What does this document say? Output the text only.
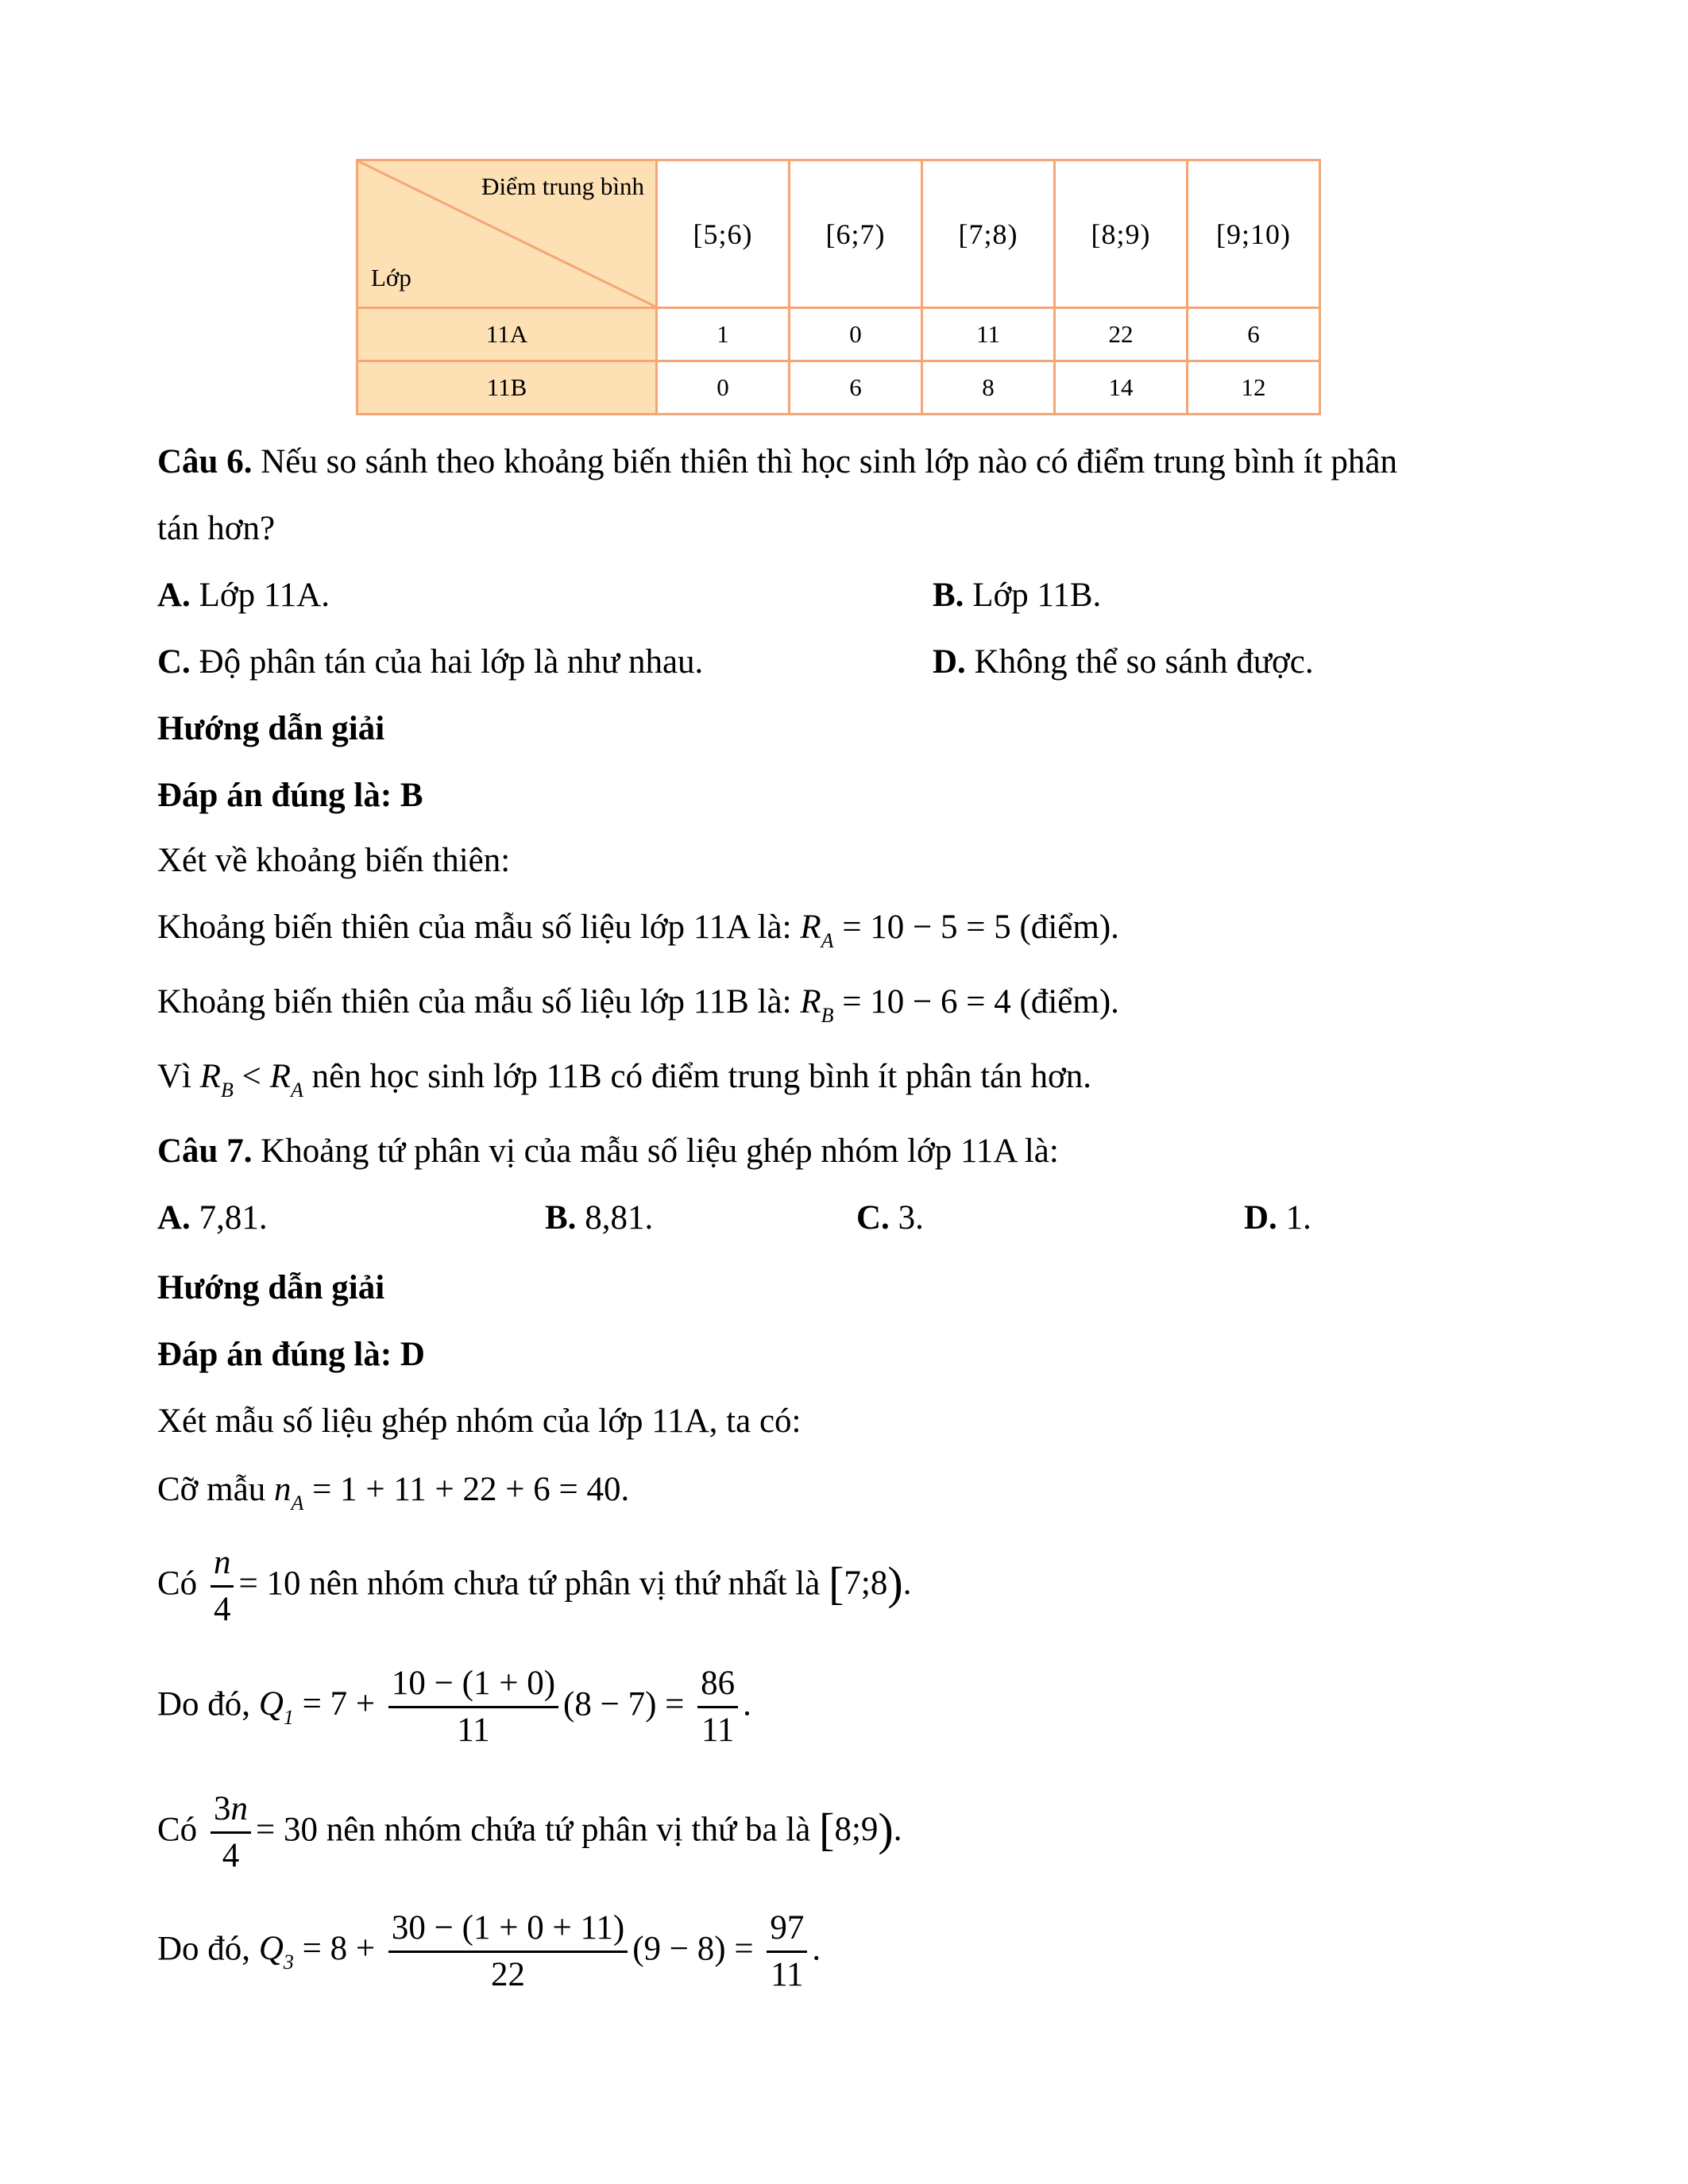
Điểm trung bình
Lớp	[5;6)	[6;7)	[7;8)	[8;9)	[9;10)
11A	1	0	11	22	6
11B	0	6	8	14	12
Câu 6. Nếu so sánh theo khoảng biến thiên thì học sinh lớp nào có điểm trung bình ít phân
tán hơn?
A. Lớp 11A.	B. Lớp 11B.
C. Độ phân tán của hai lớp là như nhau.	D. Không thể so sánh được.
Hướng dẫn giải
Đáp án đúng là: B
Xét về khoảng biến thiên:
Khoảng biến thiên của mẫu số liệu lớp 11A là: $R_A = 10 - 5 = 5$ (điểm).
Khoảng biến thiên của mẫu số liệu lớp 11B là: $R_B = 10 - 6 = 4$ (điểm).
Vì $R_B < R_A$ nên học sinh lớp 11B có điểm trung bình ít phân tán hơn.
Câu 7. Khoảng tứ phân vị của mẫu số liệu ghép nhóm lớp 11A là:
A. 7,81.	B. 8,81.	C. 3.	D. 1.
Hướng dẫn giải
Đáp án đúng là: D
Xét mẫu số liệu ghép nhóm của lớp 11A, ta có:
Cỡ mẫu $n_A = 1 + 11 + 22 + 6 = 40$.
Có $\frac{n}{4} = 10$ nên nhóm chưa tứ phân vị thứ nhất là [7;8).
Do đó, $Q_1 = 7 + \frac{10 - (1 + 0)}{11} (8 - 7) = \frac{86}{11}$ .
Có $\frac{3n}{4} = 30$ nên nhóm chứa tứ phân vị thứ ba là [8;9).
Do đó, $Q_3 = 8 + \frac{30 - (1 + 0 + 11)}{22} (9 - 8) = \frac{97}{11}$ .
